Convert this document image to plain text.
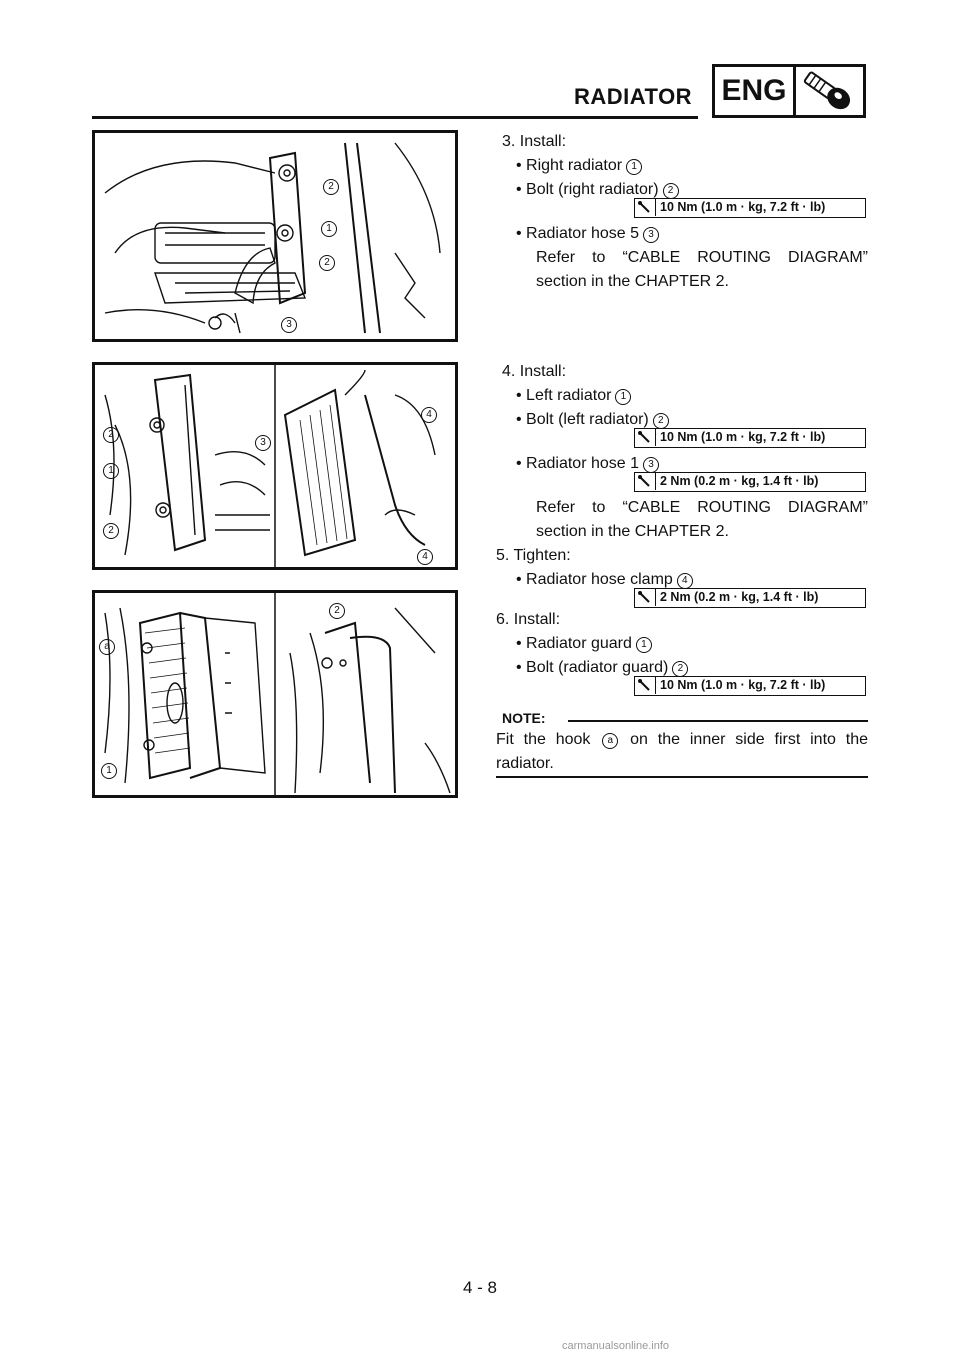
RADIATOR ENG
2
1
2
3
2
1
2
3
4
4
a
1
2
3. Install:
• Right radiator 1
• Bolt (right radiator) 2
10 Nm (1.0 m · kg, 7.2 ft · lb)
• Radiator hose 5 3
Refer to “CABLE ROUTING DIAGRAM”
section in the CHAPTER 2.
4. Install:
• Left radiator 1
• Bolt (left radiator) 2
10 Nm (1.0 m · kg, 7.2 ft · lb)
• Radiator hose 1 3
2 Nm (0.2 m · kg, 1.4 ft · lb)
Refer to “CABLE ROUTING DIAGRAM”
section in the CHAPTER 2.
5. Tighten:
• Radiator hose clamp 4
2 Nm (0.2 m · kg, 1.4 ft · lb)
6. Install:
• Radiator guard 1
• Bolt (radiator guard) 2
10 Nm (1.0 m · kg, 7.2 ft · lb)
NOTE:
Fit the hook a on the inner side first into the radiator.
4 - 8
carmanualsonline.info
